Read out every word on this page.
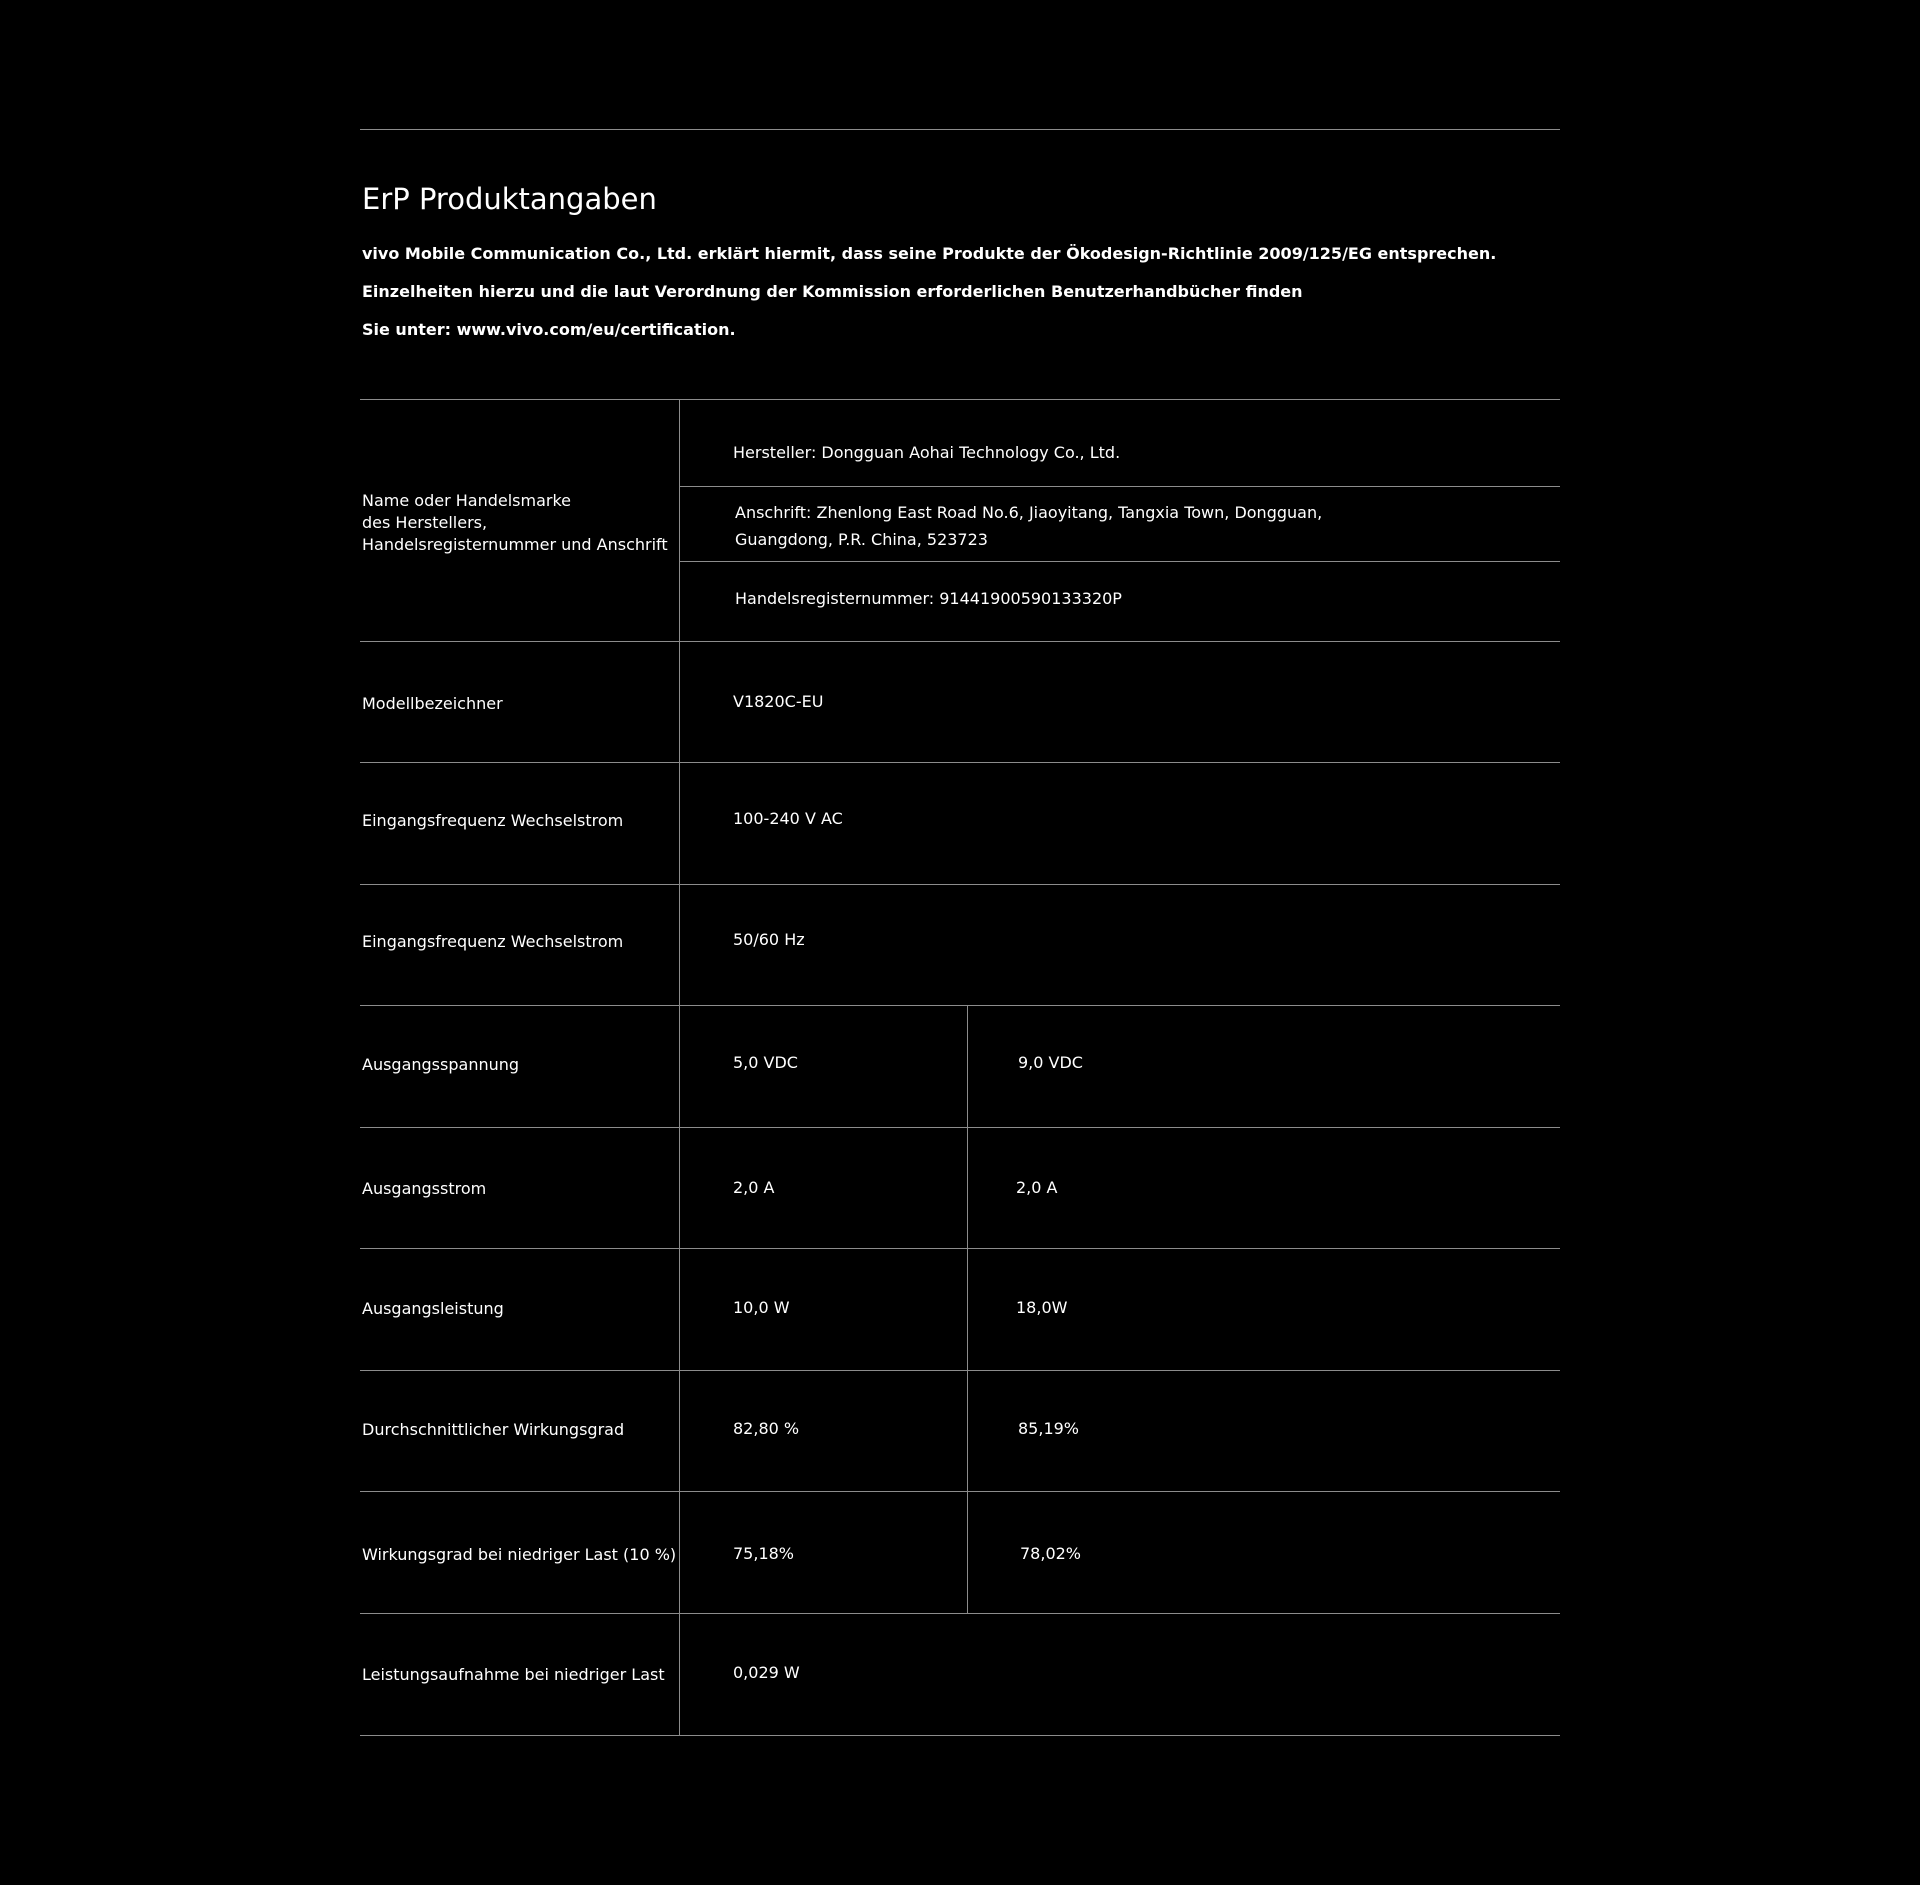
ErP Produktangaben
vivo Mobile Communication Co., Ltd. erklärt hiermit, dass seine Produkte der Ökodesign-Richtlinie 2009/125/EG entsprechen.
Einzelheiten hierzu und die laut Verordnung der Kommission erforderlichen Benutzerhandbücher finden
Sie unter: www.vivo.com/eu/certification.
Name oder Handelsmarke
des Herstellers,
Handelsregisternummer und Anschrift
Hersteller: Dongguan Aohai Technology Co., Ltd.
Anschrift: Zhenlong East Road No.6, Jiaoyitang, Tangxia Town, Dongguan,
Guangdong, P.R. China, 523723
Handelsregisternummer: 91441900590133320P
Modellbezeichner	V1820C-EU
Eingangsfrequenz Wechselstrom	100-240 V AC
Eingangsfrequenz Wechselstrom	50/60 Hz
Ausgangsspannung	5,0 VDC	9,0 VDC
Ausgangsstrom	2,0 A	2,0 A
Ausgangsleistung	10,0 W	18,0W
Durchschnittlicher Wirkungsgrad	82,80 %	85,19%
Wirkungsgrad bei niedriger Last (10 %)	75,18%	78,02%
Leistungsaufnahme bei niedriger Last	0,029 W
